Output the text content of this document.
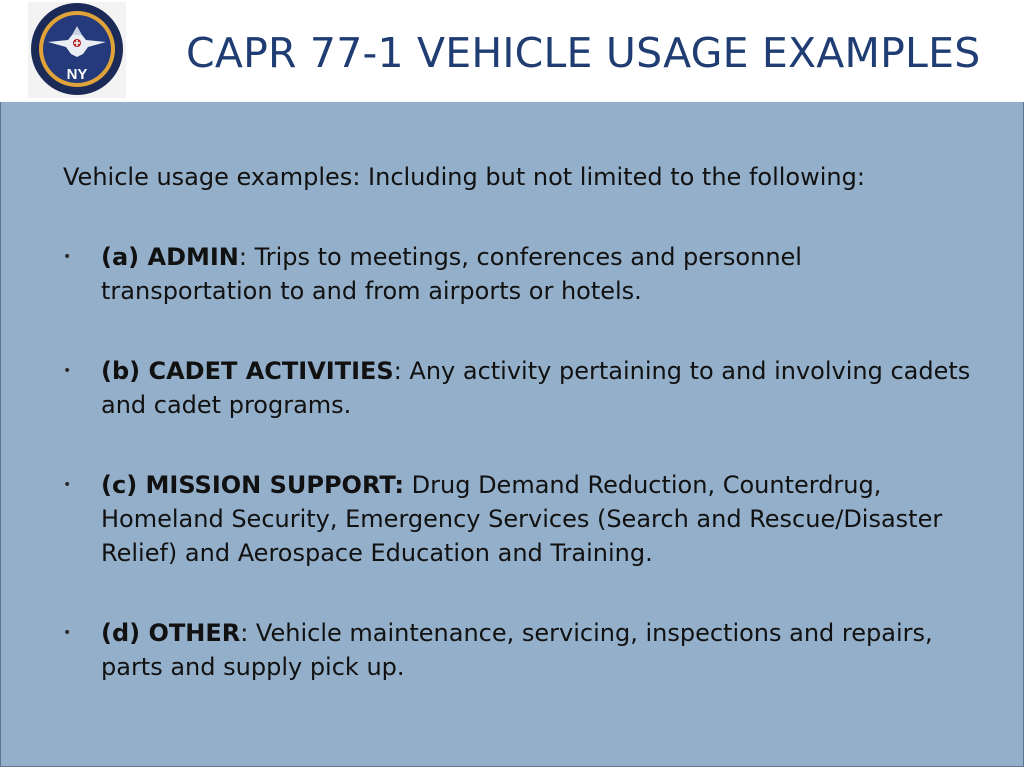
NY CAPR 77-1 VEHICLE USAGE EXAMPLES
Vehicle usage examples: Including but not limited to the following:
• (a) ADMIN: Trips to meetings, conferences and personnel transportation to and from airports or hotels.
• (b) CADET ACTIVITIES: Any activity pertaining to and involving cadets and cadet programs.
• (c) MISSION SUPPORT: Drug Demand Reduction, Counterdrug, Homeland Security, Emergency Services (Search and Rescue/Disaster Relief) and Aerospace Education and Training.
• (d) OTHER: Vehicle maintenance, servicing, inspections and repairs, parts and supply pick up.
